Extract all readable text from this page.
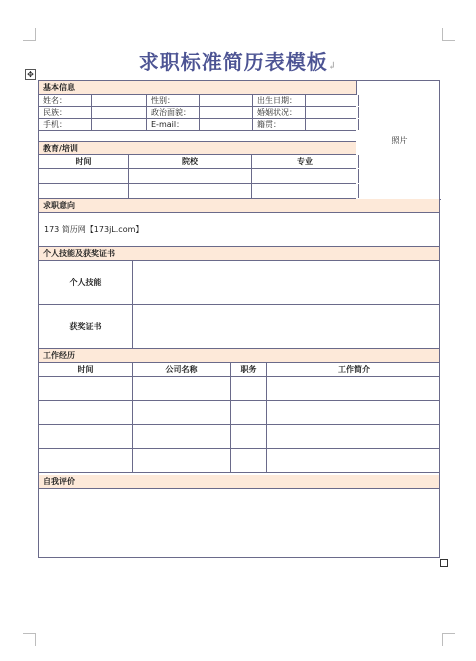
求职标准简历表模板↲
✥
基本信息
照片
姓名：	性别：	出生日期：
民族：	政治面貌：	婚姻状况：
手机：	E-mail：	籍贯：
教育/培训
时间	院校	专业
求职意向
173 简历网【173jL.com】
个人技能及获奖证书
个人技能
获奖证书
工作经历
时间	公司名称	职务	工作简介
自我评价
